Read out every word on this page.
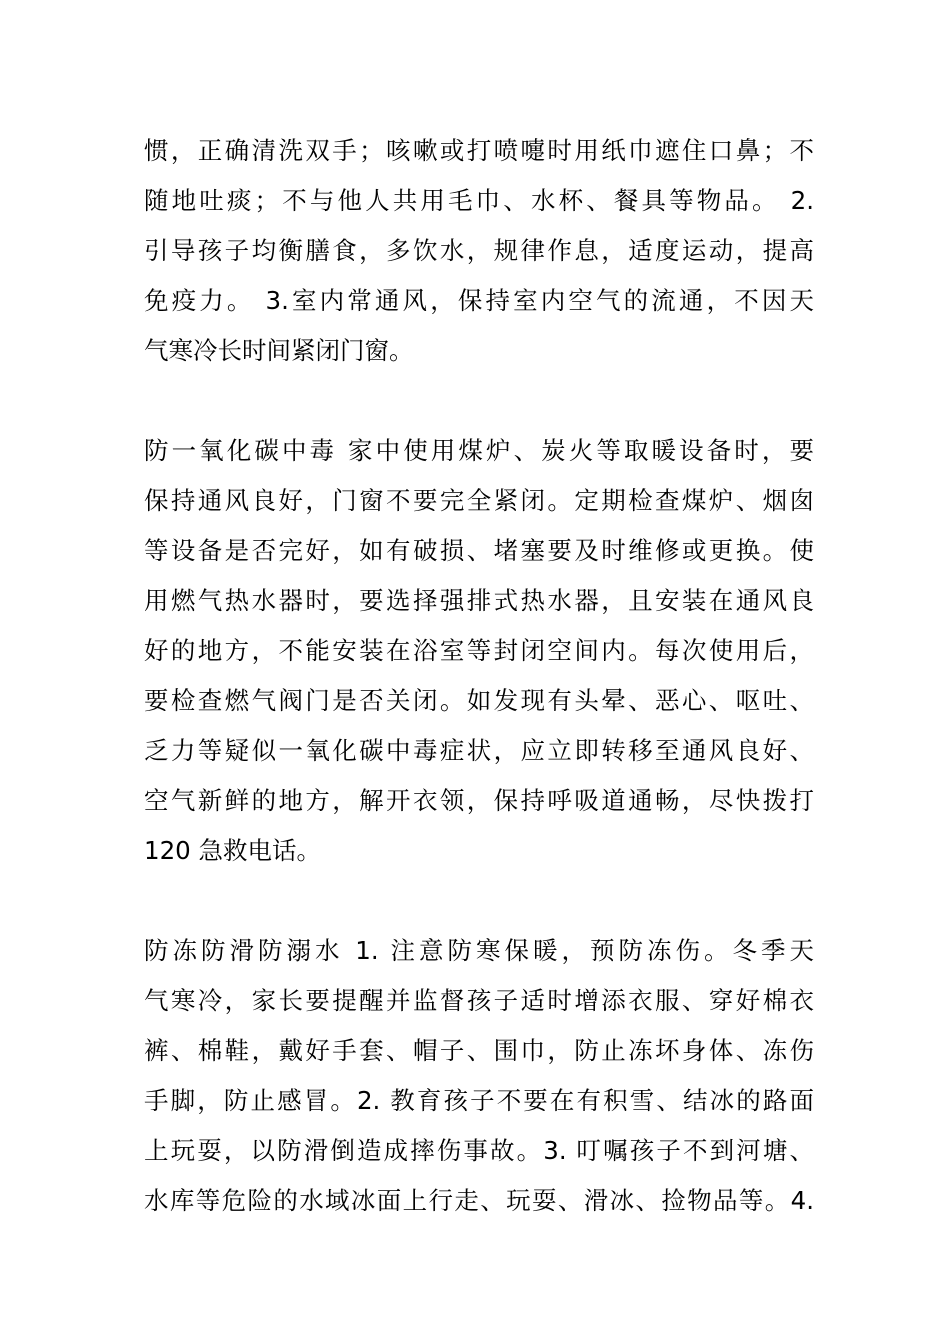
惯，正确清洗双手；咳嗽或打喷嚏时用纸巾遮住口鼻；不
随地吐痰；不与他人共用毛巾、水杯、餐具等物品。 2.
引导孩子均衡膳食，多饮水，规律作息，适度运动，提高
免疫力。 3.室内常通风，保持室内空气的流通，不因天
气寒冷长时间紧闭门窗。
防一氧化碳中毒 家中使用煤炉、炭火等取暖设备时，要
保持通风良好，门窗不要完全紧闭。定期检查煤炉、烟囱
等设备是否完好，如有破损、堵塞要及时维修或更换。使
用燃气热水器时，要选择强排式热水器，且安装在通风良
好的地方，不能安装在浴室等封闭空间内。每次使用后，
要检查燃气阀门是否关闭。如发现有头晕、恶心、呕吐、
乏力等疑似一氧化碳中毒症状，应立即转移至通风良好、
空气新鲜的地方，解开衣领，保持呼吸道通畅，尽快拨打
120 急救电话。
防冻防滑防溺水 1. 注意防寒保暖，预防冻伤。冬季天
气寒冷，家长要提醒并监督孩子适时增添衣服、穿好棉衣
裤、棉鞋，戴好手套、帽子、围巾，防止冻坏身体、冻伤
手脚，防止感冒。2. 教育孩子不要在有积雪、结冰的路面
上玩耍，以防滑倒造成摔伤事故。3. 叮嘱孩子不到河塘、
水库等危险的水域冰面上行走、玩耍、滑冰、捡物品等。4.
